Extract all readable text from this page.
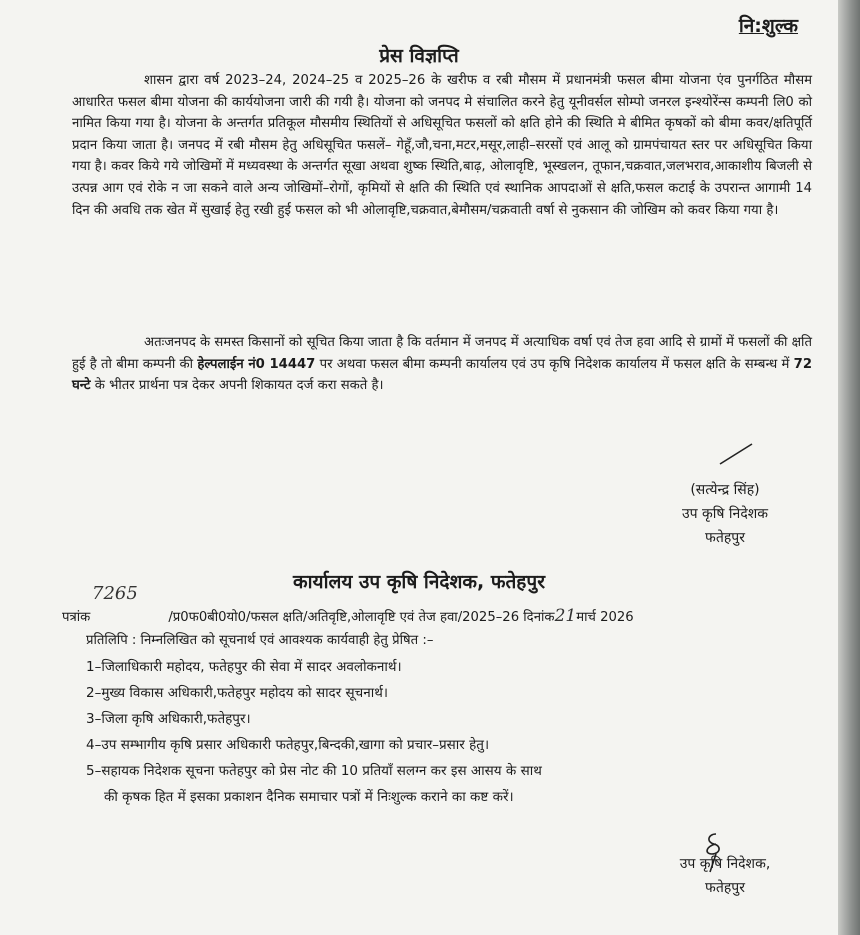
नि:शुल्क
प्रेस विज्ञप्ति

शासन द्वारा वर्ष 2023–24, 2024–25 व 2025–26 के खरीफ व रबी मौसम में प्रधानमंत्री फसल बीमा योजना एंव पुनर्गठित मौसम आधारित फसल बीमा योजना की कार्ययोजना जारी की गयी है। योजना को जनपद मे संचालित करने हेतु यूनीवर्सल सोम्पो जनरल इन्श्योरेंन्स कम्पनी लि0 को नामित किया गया है। योजना के अन्तर्गत प्रतिकूल मौसमीय स्थितियों से अधिसूचित फसलों को क्षति होने की स्थिति मे बीमित कृषकों को बीमा कवर/क्षतिपूर्ति प्रदान किया जाता है। जनपद में रबी मौसम हेतु अधिसूचित फसलें– गेहूँ,जौ,चना,मटर,मसूर,लाही–सरसों एवं आलू को ग्रामपंचायत स्तर पर अधिसूचित किया गया है। कवर किये गये जोखिमों में मध्यवस्था के अन्तर्गत सूखा अथवा शुष्क स्थिति,बाढ़, ओलावृष्टि, भूस्खलन, तूफान,चक्रवात,जलभराव,आकाशीय बिजली से उत्पन्न आग एवं रोके न जा सकने वाले अन्य जोखिमों–रोगों, कृमियों से क्षति की स्थिति एवं स्थानिक आपदाओं से क्षति,फसल कटाई के उपरान्त आगामी 14 दिन की अवधि तक खेत में सुखाई हेतु रखी हुई फसल को भी ओलावृष्टि,चक्रवात,बेमौसम/चक्रवाती वर्षा से नुकसान की जोखिम को कवर किया गया है।

अतःजनपद के समस्त किसानों को सूचित किया जाता है कि वर्तमान में जनपद में अत्याधिक वर्षा एवं तेज हवा आदि से ग्रामों में फसलों की क्षति हुई है तो बीमा कम्पनी की हेल्पलाईन नं0 14447 पर अथवा फसल बीमा कम्पनी कार्यालय एवं उप कृषि निदेशक कार्यालय में फसल क्षति के सम्बन्ध में 72 घन्टे के भीतर प्रार्थना पत्र देकर अपनी शिकायत दर्ज करा सकते है।

(सत्येन्द्र सिंह)
उप कृषि निदेशक
फतेहपुर
कार्यालय उप कृषि निदेशक, फतेहपुर
7265
पत्रांक	/प्र0फ0बी0यो0/फसल क्षति/अतिवृष्टि,ओलावृष्टि एवं तेज हवा/2025–26 दिनांक21मार्च 2026
प्रतिलिपि : निम्नलिखित को सूचनार्थ एवं आवश्यक कार्यवाही हेतु प्रेषित :–
1–जिलाधिकारी महोदय, फतेहपुर की सेवा में सादर अवलोकनार्थ।
2–मुख्य विकास अधिकारी,फतेहपुर महोदय को सादर सूचनार्थ।
3–जिला कृषि अधिकारी,फतेहपुर।
4–उप सम्भागीय कृषि प्रसार अधिकारी फतेहपुर,बिन्दकी,खागा को प्रचार–प्रसार हेतु।
5–सहायक निदेशक सूचना फतेहपुर को प्रेस नोट की 10 प्रतियॉं सलग्न कर इस आसय के साथ
की कृषक हित में इसका प्रकाशन दैनिक समाचार पत्रों में निःशुल्क कराने का कष्ट करें।
उप कृषि निदेशक,
फतेहपुर
